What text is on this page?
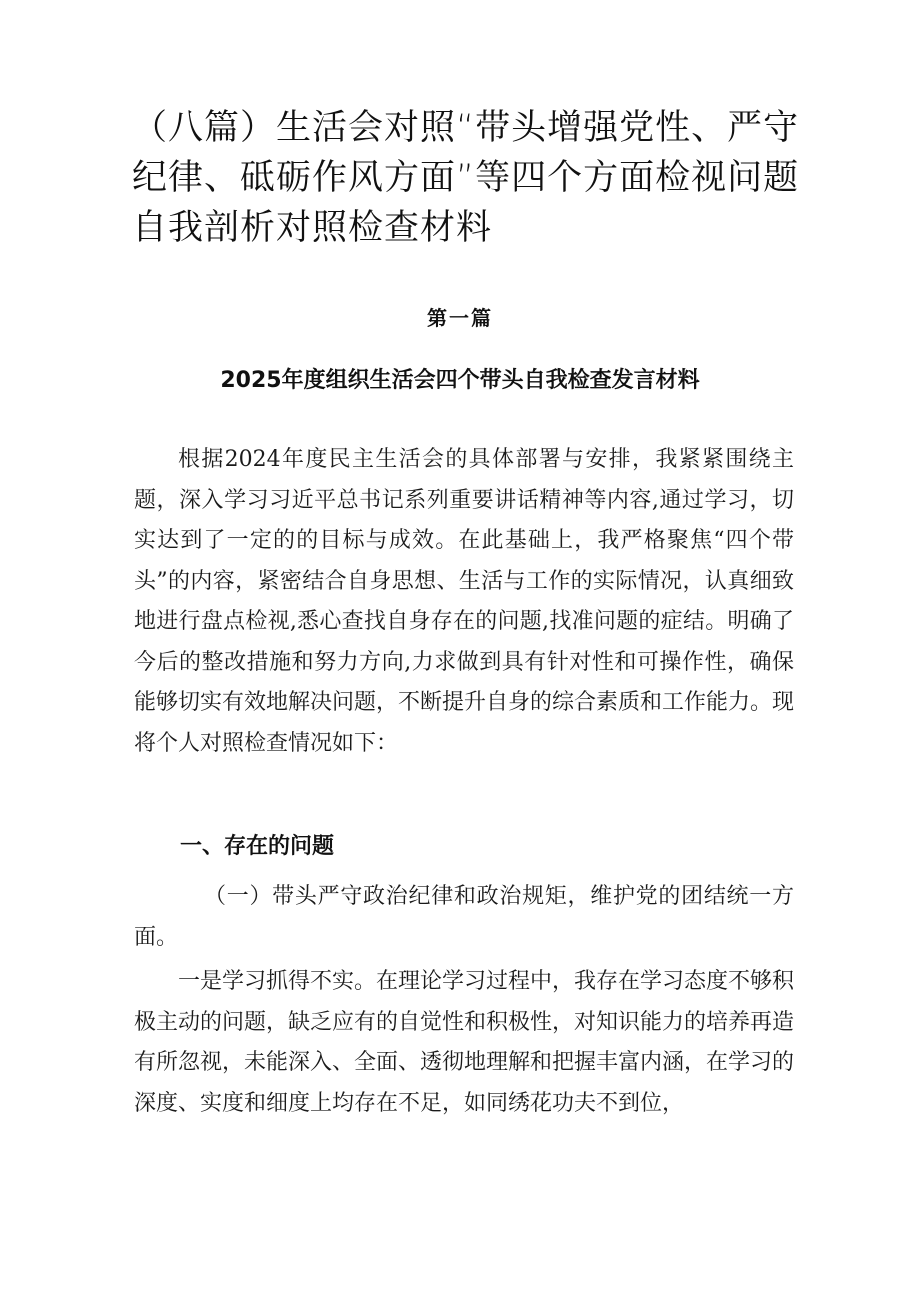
（八篇）生活会对照“带头增强党性、严守
纪律、砥砺作风方面”等四个方面检视问题
自我剖析对照检查材料
第一篇
2025年度组织生活会四个带头自我检查发言材料

根据2024年度民主生活会的具体部署与安排，我紧紧围绕主题，深入学习习近平总书记系列重要讲话精神等内容,通过学习，切实达到了一定的的目标与成效。在此基础上，我严格聚焦“四个带头”的内容，紧密结合自身思想、生活与工作的实际情况，认真细致地进行盘点检视,悉心查找自身存在的问题,找准问题的症结。明确了今后的整改措施和努力方向,力求做到具有针对性和可操作性，确保能够切实有效地解决问题，不断提升自身的综合素质和工作能力。现将个人对照检查情况如下：

一、存在的问题

（一）带头严守政治纪律和政治规矩，维护党的团结统一方面。

一是学习抓得不实。在理论学习过程中，我存在学习态度不够积极主动的问题，缺乏应有的自觉性和积极性，对知识能力的培养再造有所忽视，未能深入、全面、透彻地理解和把握丰富内涵，在学习的深度、实度和细度上均存在不足，如同绣花功夫不到位，
